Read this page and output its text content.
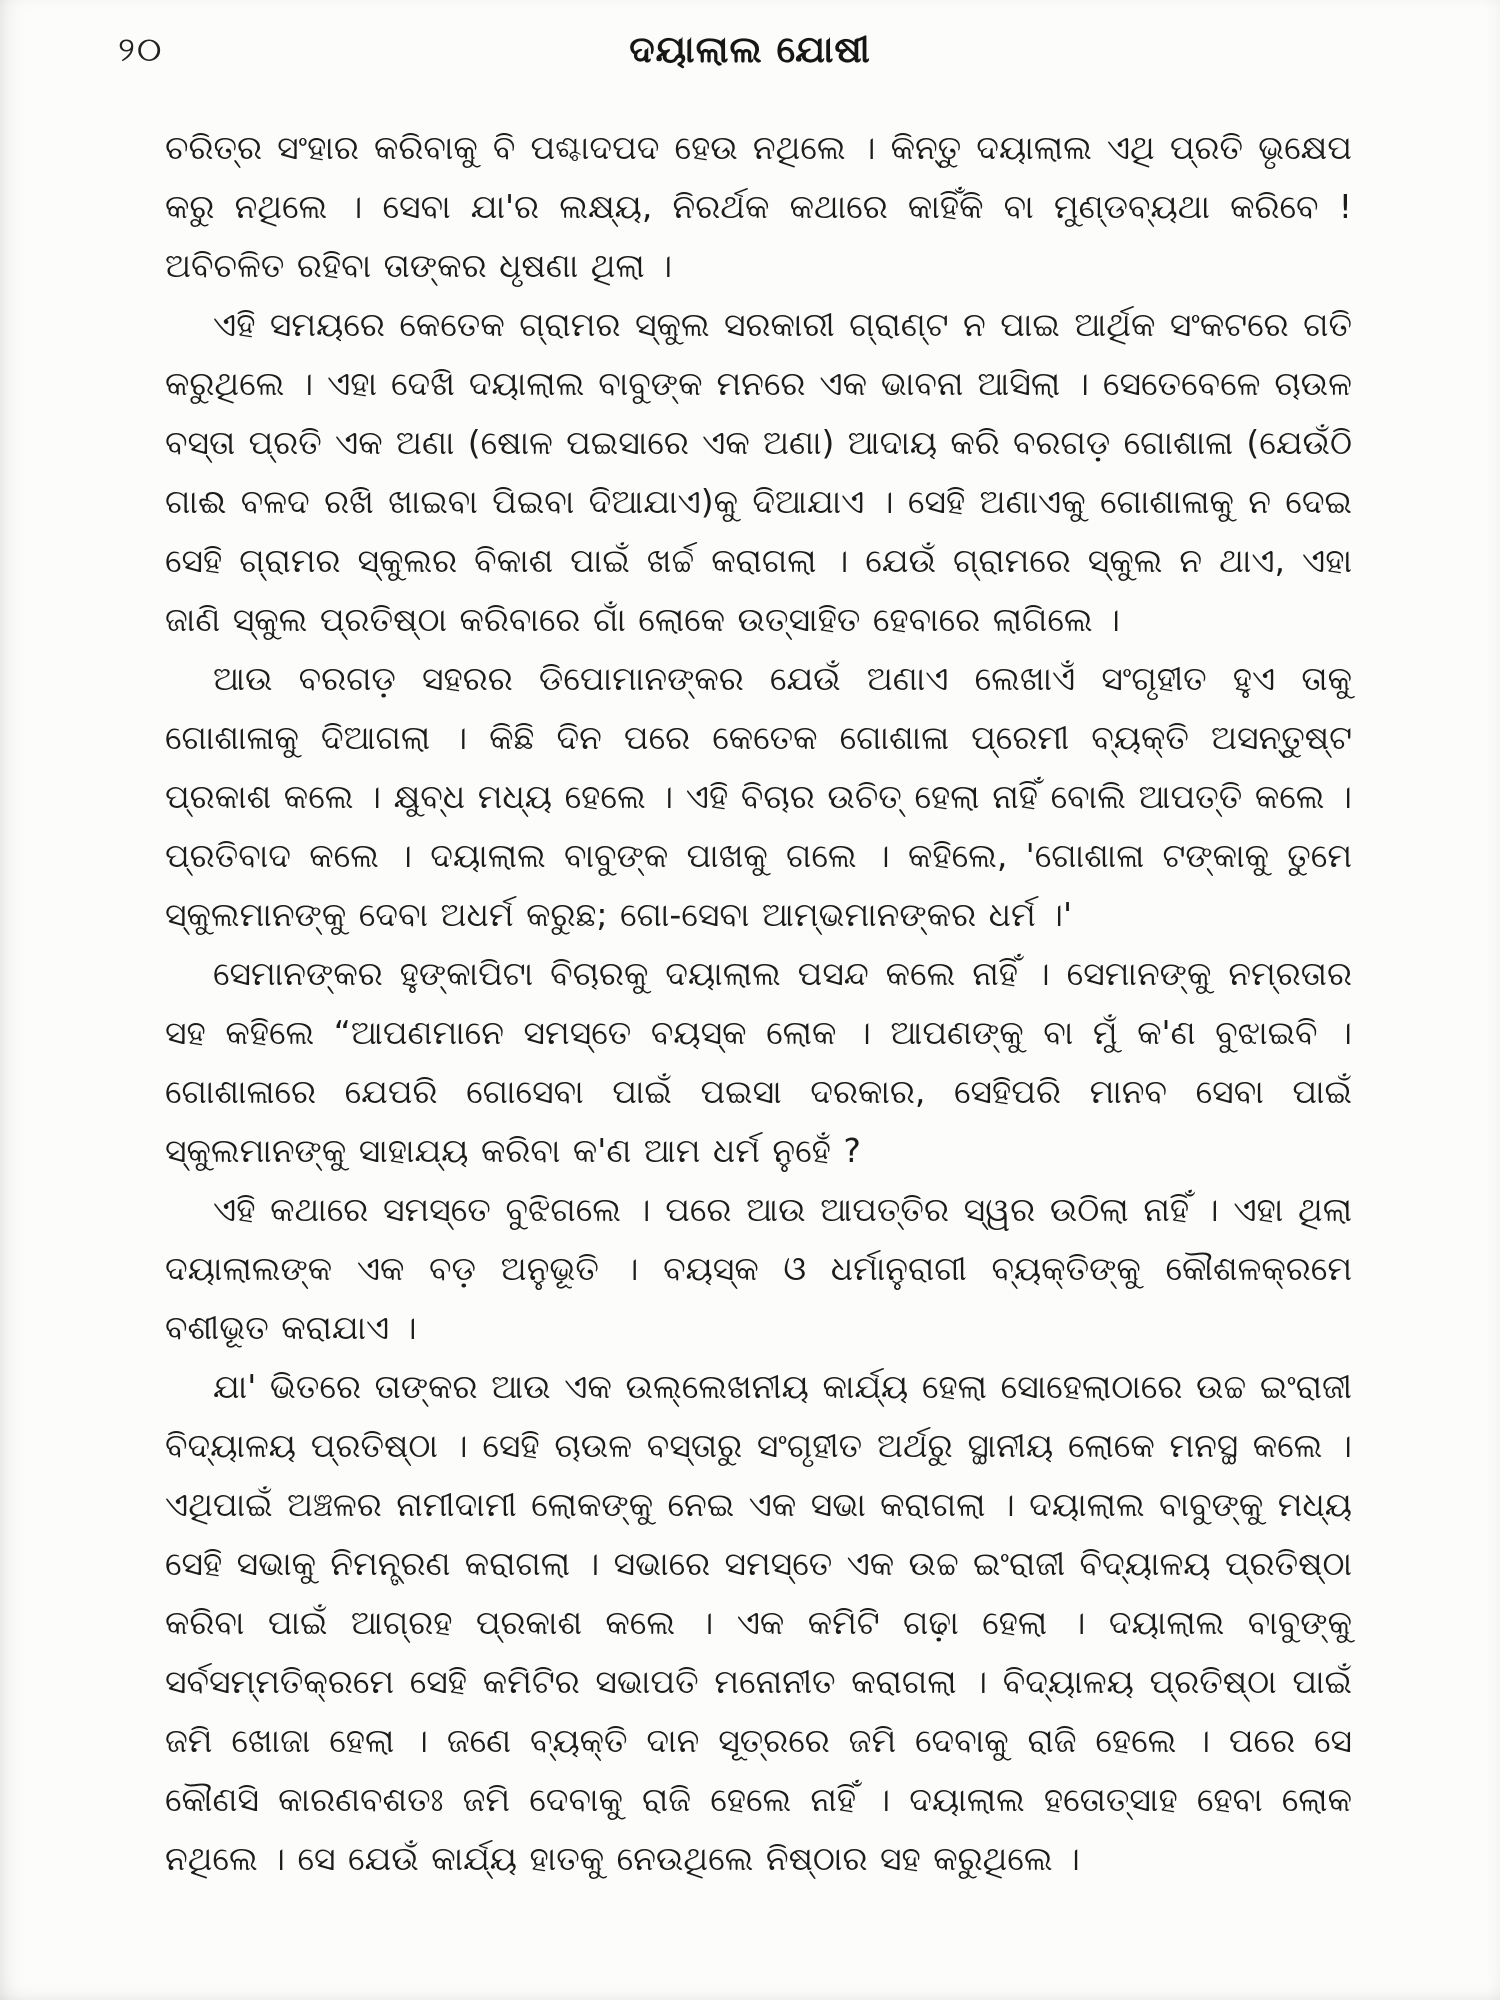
୨୦	ଦୟାଲାଲ ଯୋଷୀ

ଚରିତ୍ର ସଂହାର କରିବାକୁ ବି ପଶ୍ଚାଦପଦ ହେଉ ନଥିଲେ । କିନ୍ତୁ ଦୟାଲାଲ ଏଥି ପ୍ରତି ଭୃକ୍ଷେପ କରୁ ନଥିଲେ । ସେବା ଯା'ର ଲକ୍ଷ୍ୟ, ନିରର୍ଥକ କଥାରେ କାହିଁକି ବା ମୁଣ୍ଡବ୍ୟଥା କରିବେ ! ଅବିଚଳିତ ରହିବା ତାଙ୍କର ଧୃଷଣା ଥିଲା ।

ଏହି ସମୟରେ କେତେକ ଗ୍ରାମର ସ୍କୁଲ ସରକାରୀ ଗ୍ରାଣ୍ଟ ନ ପାଇ ଆର୍ଥିକ ସଂକଟରେ ଗତି କରୁଥିଲେ । ଏହା ଦେଖି ଦୟାଲାଲ ବାବୁଙ୍କ ମନରେ ଏକ ଭାବନା ଆସିଲା । ସେତେବେଳେ ଚାଉଳ ବସ୍ତା ପ୍ରତି ଏକ ଅଣା (ଷୋଳ ପଇସାରେ ଏକ ଅଣା) ଆଦାୟ କରି ବରଗଡ଼ ଗୋଶାଳା (ଯେଉଁଠି ଗାଈ ବଳଦ ରଖି ଖାଇବା ପିଇବା ଦିଆଯାଏ)କୁ ଦିଆଯାଏ । ସେହି ଅଣାଏକୁ ଗୋଶାଳାକୁ ନ ଦେଇ ସେହି ଗ୍ରାମର ସ୍କୁଲର ବିକାଶ ପାଇଁ ଖର୍ଚ୍ଚ କରାଗଲା । ଯେଉଁ ଗ୍ରାମରେ ସ୍କୁଲ ନ ଥାଏ, ଏହା ଜାଣି ସ୍କୁଲ ପ୍ରତିଷ୍ଠା କରିବାରେ ଗାଁ ଲୋକେ ଉତ୍ସାହିତ ହେବାରେ ଲାଗିଲେ ।

ଆଉ ବରଗଡ଼ ସହରର ଡିପୋମାନଙ୍କର ଯେଉଁ ଅଣାଏ ଲେଖାଏଁ ସଂଗୃହୀତ ହୁଏ ତାକୁ ଗୋଶାଳାକୁ ଦିଆଗଲା । କିଛି ଦିନ ପରେ କେତେକ ଗୋଶାଳା ପ୍ରେମୀ ବ୍ୟକ୍ତି ଅସନ୍ତୁଷ୍ଟ ପ୍ରକାଶ କଲେ । କ୍ଷୁବ୍ଧ ମଧ୍ୟ ହେଲେ । ଏହି ବିଚାର ଉଚିତ୍ ହେଲା ନାହିଁ ବୋଲି ଆପତ୍ତି କଲେ । ପ୍ରତିବାଦ କଲେ । ଦୟାଲାଲ ବାବୁଙ୍କ ପାଖକୁ ଗଲେ । କହିଲେ, 'ଗୋଶାଳା ଟଙ୍କାକୁ ତୁମେ ସ୍କୁଲମାନଙ୍କୁ ଦେବା ଅଧର୍ମ କରୁଛ; ଗୋ-ସେବା ଆମ୍ଭମାନଙ୍କର ଧର୍ମ ।'

ସେମାନଙ୍କର ହୁଙ୍କାପିଟା ବିଚାରକୁ ଦୟାଲାଲ ପସନ୍ଦ କଲେ ନାହିଁ । ସେମାନଙ୍କୁ ନମ୍ରତାର ସହ କହିଲେ “ଆପଣମାନେ ସମସ୍ତେ ବୟସ୍କ ଲୋକ । ଆପଣଙ୍କୁ ବା ମୁଁ କ'ଣ ବୁଝାଇବି । ଗୋଶାଳାରେ ଯେପରି ଗୋସେବା ପାଇଁ ପଇସା ଦରକାର, ସେହିପରି ମାନବ ସେବା ପାଇଁ ସ୍କୁଲମାନଙ୍କୁ ସାହାଯ୍ୟ କରିବା କ'ଣ ଆମ ଧର୍ମ ନୁହେଁ ?

ଏହି କଥାରେ ସମସ୍ତେ ବୁଝିଗଲେ । ପରେ ଆଉ ଆପତ୍ତିର ସ୍ୱର ଉଠିଲା ନାହିଁ । ଏହା ଥିଲା ଦୟାଲାଲଙ୍କ ଏକ ବଡ଼ ଅନୁଭୂତି । ବୟସ୍କ ଓ ଧର୍ମାନୁରାଗୀ ବ୍ୟକ୍ତିଙ୍କୁ କୌଶଳକ୍ରମେ ବଶୀଭୂତ କରାଯାଏ ।

ଯା' ଭିତରେ ତାଙ୍କର ଆଉ ଏକ ଉଲ୍ଲେଖନୀୟ କାର୍ଯ୍ୟ ହେଲା ସୋହେଲାଠାରେ ଉଚ୍ଚ ଇଂରାଜୀ ବିଦ୍ୟାଳୟ ପ୍ରତିଷ୍ଠା । ସେହି ଚାଉଳ ବସ୍ତାରୁ ସଂଗୃହୀତ ଅର୍ଥରୁ ସ୍ଥାନୀୟ ଲୋକେ ମନସ୍ଥ କଲେ । ଏଥିପାଇଁ ଅଞ୍ଚଳର ନାମୀଦାମୀ ଲୋକଙ୍କୁ ନେଇ ଏକ ସଭା କରାଗଲା । ଦୟାଲାଲ ବାବୁଙ୍କୁ ମଧ୍ୟ ସେହି ସଭାକୁ ନିମନ୍ତ୍ରଣ କରାଗଲା । ସଭାରେ ସମସ୍ତେ ଏକ ଉଚ୍ଚ ଇଂରାଜୀ ବିଦ୍ୟାଳୟ ପ୍ରତିଷ୍ଠା କରିବା ପାଇଁ ଆଗ୍ରହ ପ୍ରକାଶ କଲେ । ଏକ କମିଟି ଗଢ଼ା ହେଲା । ଦୟାଲାଲ ବାବୁଙ୍କୁ ସର୍ବସମ୍ମତିକ୍ରମେ ସେହି କମିଟିର ସଭାପତି ମନୋନୀତ କରାଗଲା । ବିଦ୍ୟାଳୟ ପ୍ରତିଷ୍ଠା ପାଇଁ ଜମି ଖୋଜା ହେଲା । ଜଣେ ବ୍ୟକ୍ତି ଦାନ ସୂତ୍ରରେ ଜମି ଦେବାକୁ ରାଜି ହେଲେ । ପରେ ସେ କୌଣସି କାରଣବଶତଃ ଜମି ଦେବାକୁ ରାଜି ହେଲେ ନାହିଁ । ଦୟାଲାଲ ହତୋତ୍ସାହ ହେବା ଲୋକ ନଥିଲେ । ସେ ଯେଉଁ କାର୍ଯ୍ୟ ହାତକୁ ନେଉଥିଲେ ନିଷ୍ଠାର ସହ କରୁଥିଲେ ।
